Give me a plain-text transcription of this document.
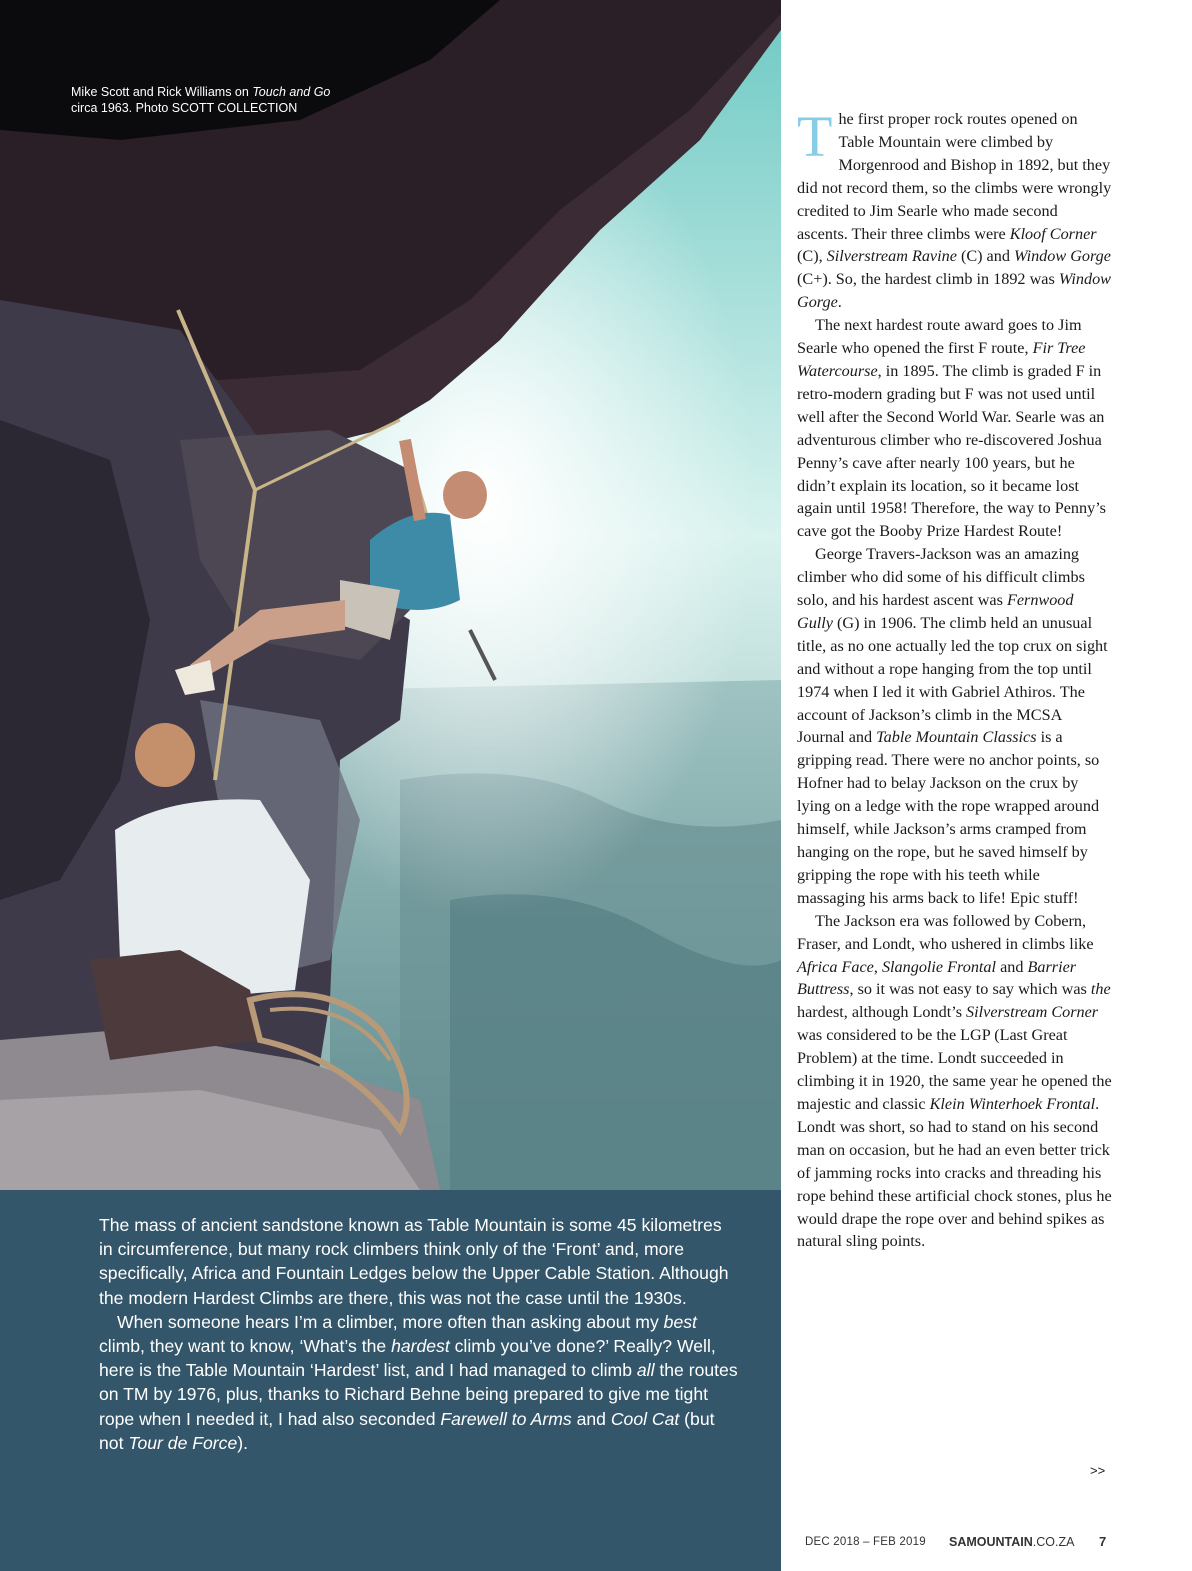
Mike Scott and Rick Williams on Touch and Go
circa 1963. Photo SCOTT COLLECTION

The mass of ancient sandstone known as Table Mountain is some 45 kilometres in circumference, but many rock climbers think only of the ‘Front’ and, more specifically, Africa and Fountain Ledges below the Upper Cable Station. Although the modern Hardest Climbs are there, this was not the case until the 1930s.

When someone hears I’m a climber, more often than asking about my best climb, they want to know, ‘What’s the hardest climb you’ve done?’ Really? Well, here is the Table Mountain ‘Hardest’ list, and I had managed to climb all the routes on TM by 1976, plus, thanks to Richard Behne being prepared to give me tight rope when I needed it, I had also seconded Farewell to Arms and Cool Cat (but not Tour de Force).

The first proper rock routes opened on Table Mountain were climbed by Morgenrood and Bishop in 1892, but they did not record them, so the climbs were wrongly credited to Jim Searle who made second ascents. Their three climbs were Kloof Corner (C), Silverstream Ravine (C) and Window Gorge (C+). So, the hardest climb in 1892 was Window Gorge.

The next hardest route award goes to Jim Searle who opened the first F route, Fir Tree Watercourse, in 1895. The climb is graded F in retro-modern grading but F was not used until well after the Second World War. Searle was an adventurous climber who re-discovered Joshua Penny’s cave after nearly 100 years, but he didn’t explain its location, so it became lost again until 1958! Therefore, the way to Penny’s cave got the Booby Prize Hardest Route!

George Travers-Jackson was an amazing climber who did some of his difficult climbs solo, and his hardest ascent was Fernwood Gully (G) in 1906. The climb held an unusual title, as no one actually led the top crux on sight and without a rope hanging from the top until 1974 when I led it with Gabriel Athiros. The account of Jackson’s climb in the MCSA Journal and Table Mountain Classics is a gripping read. There were no anchor points, so Hofner had to belay Jackson on the crux by lying on a ledge with the rope wrapped around himself, while Jackson’s arms cramped from hanging on the rope, but he saved himself by gripping the rope with his teeth while massaging his arms back to life! Epic stuff!

The Jackson era was followed by Cobern, Fraser, and Londt, who ushered in climbs like Africa Face, Slangolie Frontal and Barrier Buttress, so it was not easy to say which was the hardest, although Londt’s Silverstream Corner was considered to be the LGP (Last Great Problem) at the time. Londt succeeded in climbing it in 1920, the same year he opened the majestic and classic Klein Winterhoek Frontal. Londt was short, so had to stand on his second man on occasion, but he had an even better trick of jamming rocks into cracks and threading his rope behind these artificial chock stones, plus he would drape the rope over and behind spikes as natural sling points.

>>
DEC 2018 – FEB 2019 SAMOUNTAIN.CO.ZA 7
